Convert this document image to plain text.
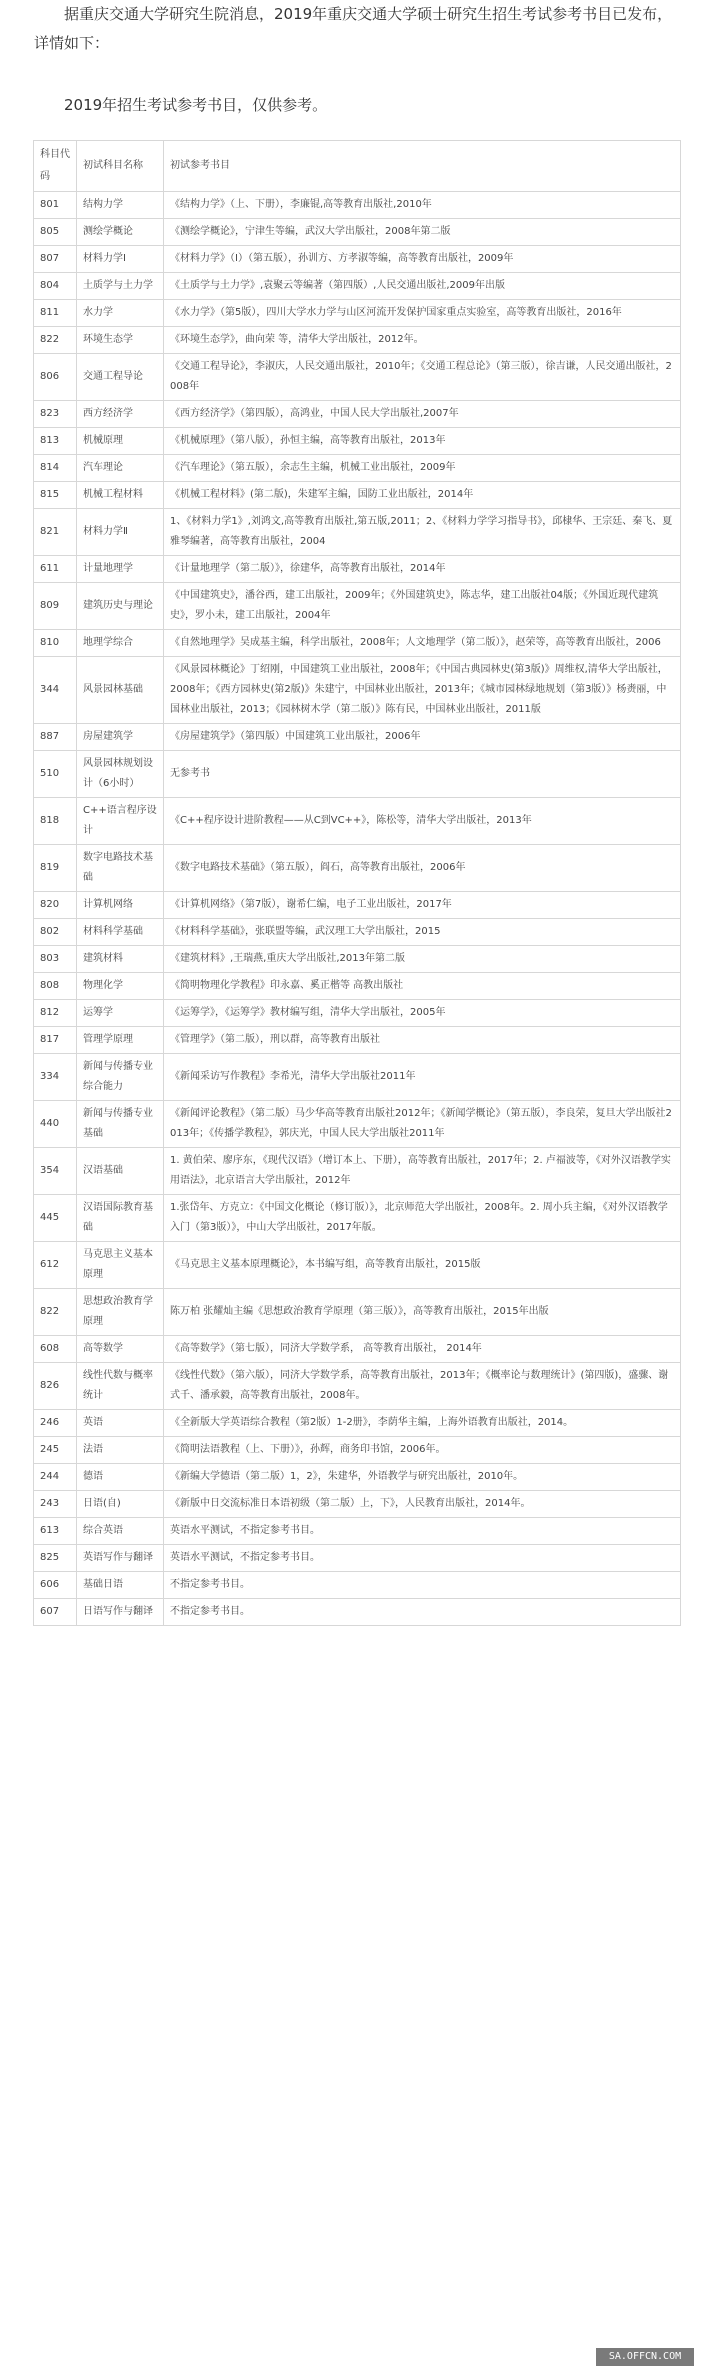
据重庆交通大学研究生院消息，2019年重庆交通大学硕士研究生招生考试参考书目已发布，详情如下：

2019年招生考试参考书目，仅供参考。
科目代码	初试科目名称	初试参考书目
801	结构力学	《结构力学》（上、下册），李廉锟,高等教育出版社,2010年
805	测绘学概论	《测绘学概论》，宁津生等编，武汉大学出版社，2008年第二版
807	材料力学Ⅰ	《材料力学》（Ⅰ）（第五版），孙训方、方孝淑等编，高等教育出版社，2009年
804	土质学与土力学	《土质学与土力学》,袁聚云等编著（第四版）,人民交通出版社,2009年出版
811	水力学	《水力学》（第5版），四川大学水力学与山区河流开发保护国家重点实验室，高等教育出版社，2016年
822	环境生态学	《环境生态学》，曲向荣 等，清华大学出版社，2012年。
806	交通工程导论	《交通工程导论》，李淑庆，人民交通出版社，2010年；《交通工程总论》（第三版），徐吉谦，人民交通出版社，2008年
823	西方经济学	《西方经济学》（第四版），高鸿业，中国人民大学出版社,2007年
813	机械原理	《机械原理》（第八版），孙恒主编，高等教育出版社，2013年
814	汽车理论	《汽车理论》（第五版），余志生主编，机械工业出版社，2009年
815	机械工程材料	《机械工程材料》(第二版)，朱建军主编，国防工业出版社，2014年
821	材料力学Ⅱ	1、《材料力学1》,刘鸿文,高等教育出版社,第五版,2011；2、《材料力学学习指导书》，邱棣华、王宗廷、秦飞、夏雅琴编著，高等教育出版社，2004
611	计量地理学	《计量地理学（第二版）》，徐建华，高等教育出版社，2014年
809	建筑历史与理论	《中国建筑史》，潘谷西，建工出版社，2009年；《外国建筑史》，陈志华，建工出版社04版；《外国近现代建筑史》，罗小未，建工出版社，2004年
810	地理学综合	《自然地理学》吴成基主编，科学出版社，2008年；人文地理学（第二版）》，赵荣等，高等教育出版社，2006
344	风景园林基础	《风景园林概论》丁绍刚，中国建筑工业出版社，2008年；《中国古典园林史(第3版)》周维权,清华大学出版社，2008年；《西方园林史(第2版)》朱建宁，中国林业出版社，2013年；《城市园林绿地规划（第3版）》杨赉丽，中国林业出版社，2013；《园林树木学（第二版）》陈有民，中国林业出版社，2011版
887	房屋建筑学	《房屋建筑学》（第四版）中国建筑工业出版社，2006年
510	风景园林规划设计（6小时）	无参考书
818	C++语言程序设计	《C++程序设计进阶教程——从C到VC++》，陈松等，清华大学出版社，2013年
819	数字电路技术基础	《数字电路技术基础》（第五版），阎石，高等教育出版社，2006年
820	计算机网络	《计算机网络》（第7版），谢希仁编，电子工业出版社，2017年
802	材料科学基础	《材料科学基础》，张联盟等编，武汉理工大学出版社，2015
803	建筑材料	《建筑材料》,王瑞燕,重庆大学出版社,2013年第二版
808	物理化学	《简明物理化学教程》印永嘉、奚正楷等 高教出版社
812	运筹学	《运筹学》，《运筹学》教材编写组，清华大学出版社，2005年
817	管理学原理	《管理学》（第二版），刑以群，高等教育出版社
334	新闻与传播专业综合能力	《新闻采访写作教程》李希光，清华大学出版社2011年
440	新闻与传播专业基础	《新闻评论教程》（第二版）马少华高等教育出版社2012年；《新闻学概论》（第五版），李良荣，复旦大学出版社2013年；《传播学教程》，郭庆光，中国人民大学出版社2011年
354	汉语基础	1. 黄伯荣、廖序东，《现代汉语》（增订本上、下册），高等教育出版社，2017年；2. 卢福波等，《对外汉语教学实用语法》，北京语言大学出版社，2012年
445	汉语国际教育基础	1.张岱年、方克立：《中国文化概论（修订版）》，北京师范大学出版社，2008年。2. 周小兵主编，《对外汉语教学入门（第3版）》，中山大学出版社，2017年版。
612	马克思主义基本原理	《马克思主义基本原理概论》，本书编写组，高等教育出版社，2015版
822	思想政治教育学原理	陈万柏 张耀灿主编《思想政治教育学原理（第三版）》，高等教育出版社，2015年出版
608	高等数学	《高等数学》（第七版），同济大学数学系， 高等教育出版社， 2014年
826	线性代数与概率统计	《线性代数》（第六版），同济大学数学系，高等教育出版社，2013年；《概率论与数理统计》(第四版)，盛骤、谢式千、潘承毅，高等教育出版社，2008年。
246	英语	《全新版大学英语综合教程（第2版）1-2册》，李荫华主编，上海外语教育出版社，2014。
245	法语	《简明法语教程（上、下册）》，孙辉，商务印书馆，2006年。
244	德语	《新编大学德语（第二版）1，2》，朱建华，外语教学与研究出版社，2010年。
243	日语(自)	《新版中日交流标准日本语初级（第二版）上，下》，人民教育出版社，2014年。
613	综合英语	英语水平测试，不指定参考书目。
825	英语写作与翻译	英语水平测试，不指定参考书目。
606	基础日语	不指定参考书目。
607	日语写作与翻译	不指定参考书目。
SA.OFFCN.COM
